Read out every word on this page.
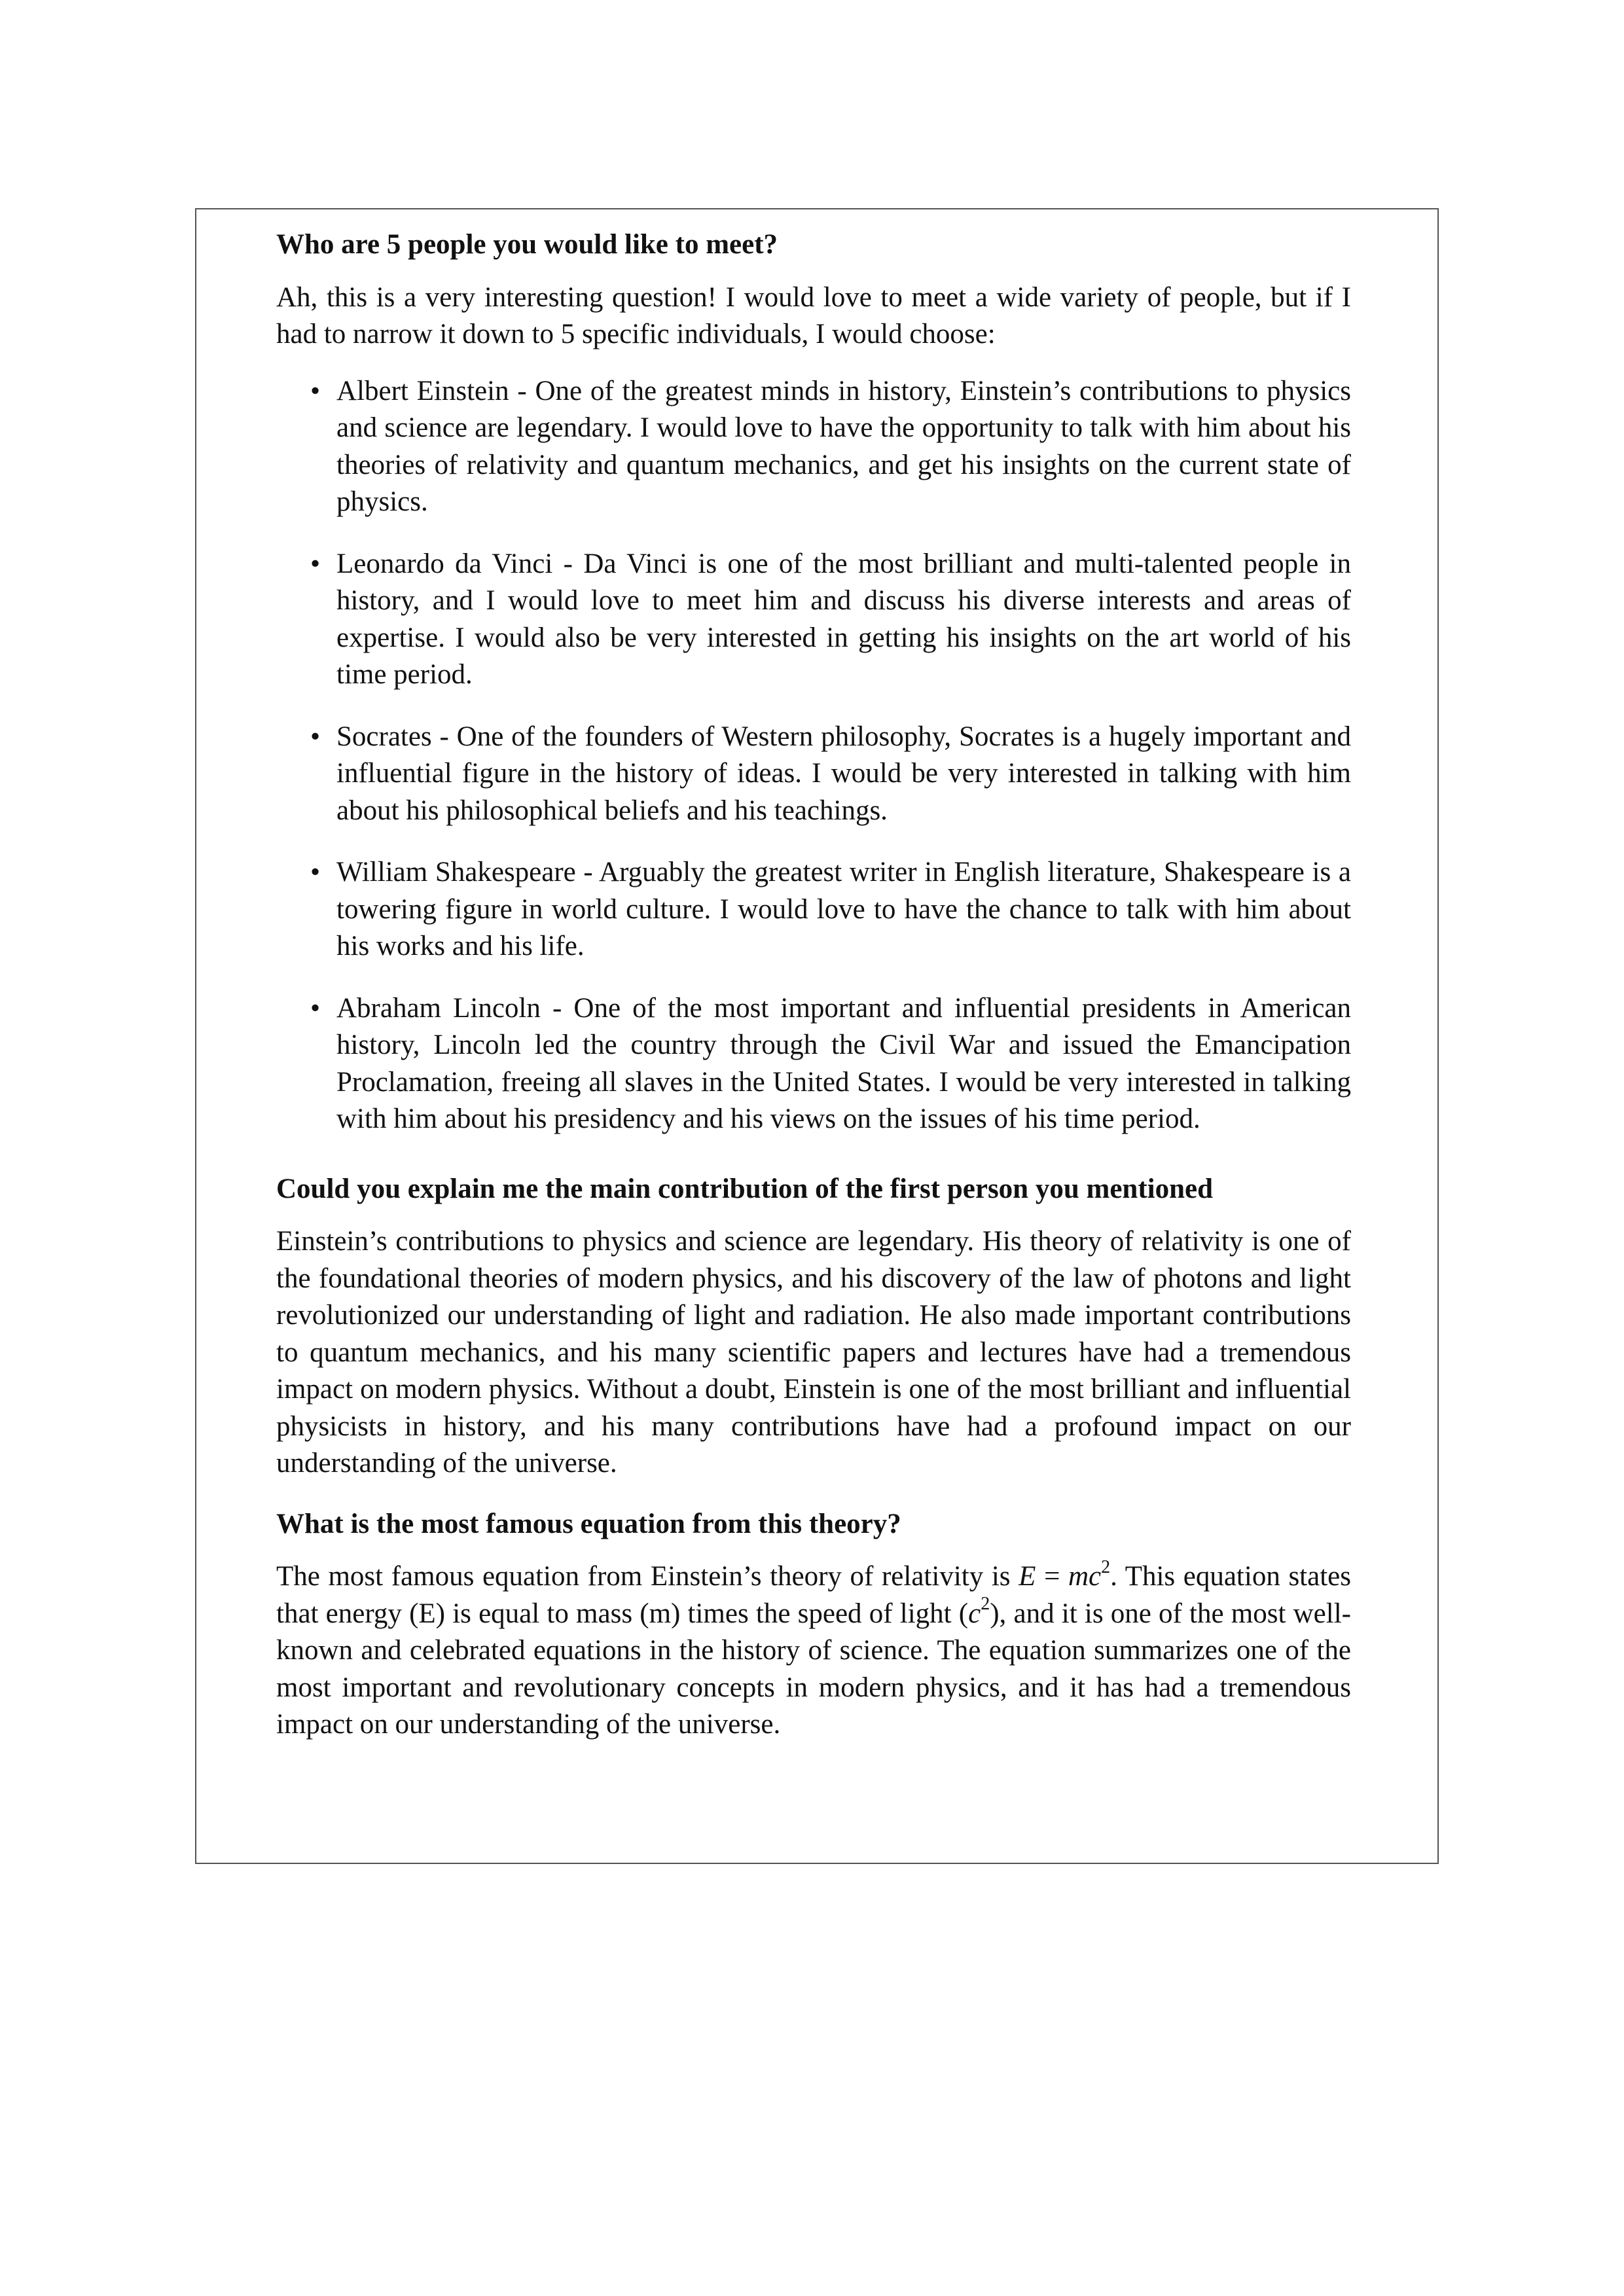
Who are 5 people you would like to meet?

Ah, this is a very interesting question! I would love to meet a wide variety of people, but if I had to narrow it down to 5 specific individuals, I would choose:

• Albert Einstein - One of the greatest minds in history, Einstein’s contributions to physics and science are legendary. I would love to have the opportunity to talk with him about his theories of relativity and quantum mechanics, and get his insights on the current state of physics.
• Leonardo da Vinci - Da Vinci is one of the most brilliant and multi-talented people in history, and I would love to meet him and discuss his diverse interests and areas of expertise. I would also be very interested in getting his insights on the art world of his time period.
• Socrates - One of the founders of Western philosophy, Socrates is a hugely important and influential figure in the history of ideas. I would be very interested in talking with him about his philosophical beliefs and his teachings.
• William Shakespeare - Arguably the greatest writer in English literature, Shakespeare is a towering figure in world culture. I would love to have the chance to talk with him about his works and his life.
• Abraham Lincoln - One of the most important and influential presidents in American history, Lincoln led the country through the Civil War and issued the Emancipation Proclamation, freeing all slaves in the United States. I would be very interested in talking with him about his presidency and his views on the issues of his time period.

Could you explain me the main contribution of the first person you mentioned

Einstein’s contributions to physics and science are legendary. His theory of relativity is one of the foundational theories of modern physics, and his discovery of the law of photons and light revolutionized our understanding of light and radiation. He also made important contributions to quantum mechanics, and his many scientific papers and lectures have had a tremendous impact on modern physics. Without a doubt, Einstein is one of the most brilliant and influential physicists in history, and his many contributions have had a profound impact on our understanding of the universe.

What is the most famous equation from this theory?

The most famous equation from Einstein’s theory of relativity is $E = mc^2$. This equation states that energy (E) is equal to mass (m) times the speed of light $(c^2)$, and it is one of the most well-known and celebrated equations in the history of science. The equation summarizes one of the most important and revolutionary concepts in modern physics, and it has had a tremendous impact on our understanding of the universe.
